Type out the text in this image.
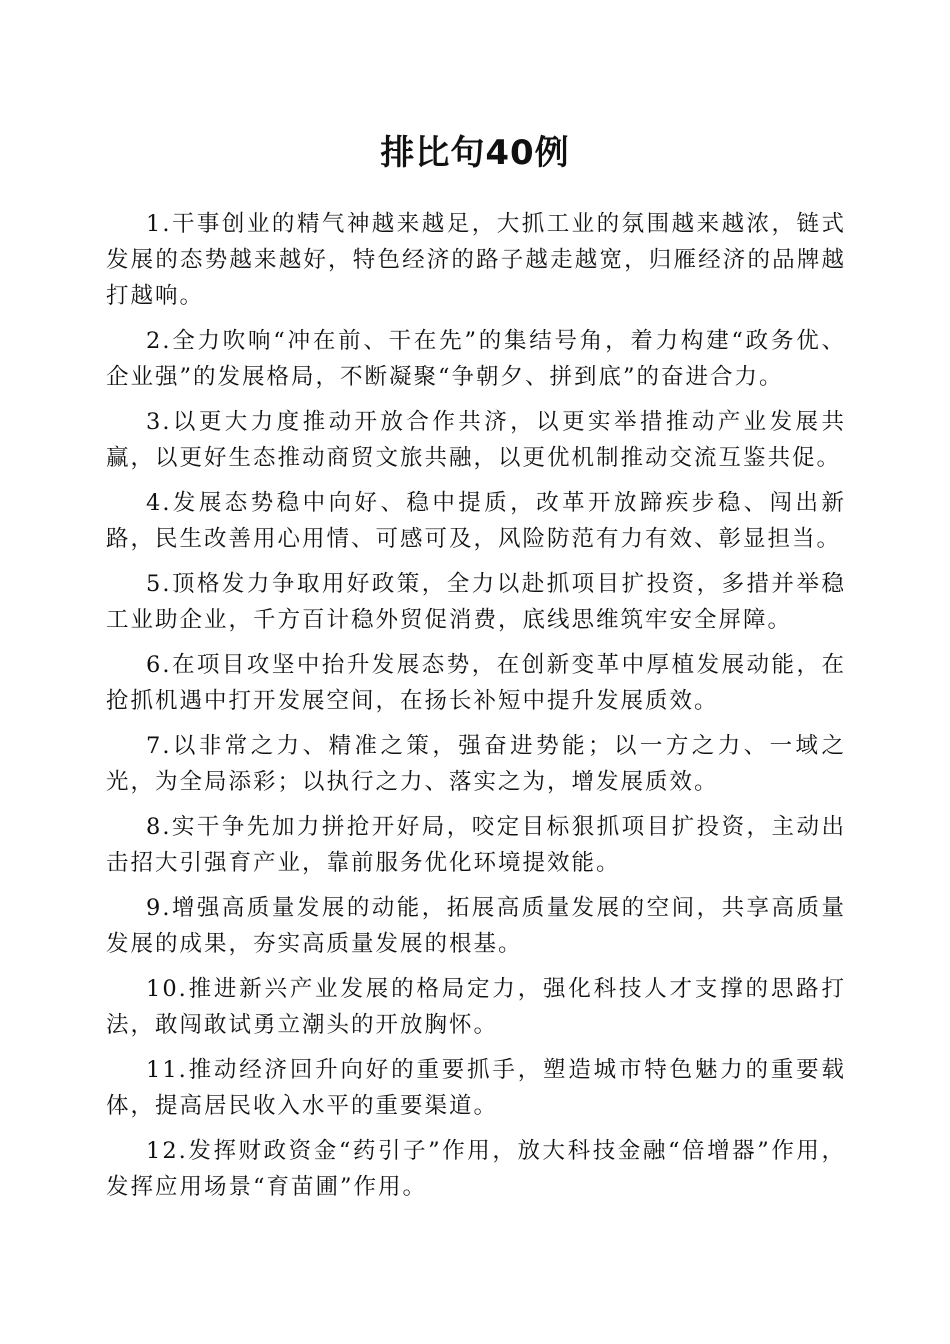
排比句40例

1.干事创业的精气神越来越足，大抓工业的氛围越来越浓，链式发展的态势越来越好，特色经济的路子越走越宽，归雁经济的品牌越打越响。

2.全力吹响“冲在前、干在先”的集结号角，着力构建“政务优、企业强”的发展格局，不断凝聚“争朝夕、拼到底”的奋进合力。

3.以更大力度推动开放合作共济，以更实举措推动产业发展共赢，以更好生态推动商贸文旅共融，以更优机制推动交流互鉴共促。

4.发展态势稳中向好、稳中提质，改革开放蹄疾步稳、闯出新路，民生改善用心用情、可感可及，风险防范有力有效、彰显担当。

5.顶格发力争取用好政策，全力以赴抓项目扩投资，多措并举稳工业助企业，千方百计稳外贸促消费，底线思维筑牢安全屏障。

6.在项目攻坚中抬升发展态势，在创新变革中厚植发展动能，在抢抓机遇中打开发展空间，在扬长补短中提升发展质效。

7.以非常之力、精准之策，强奋进势能；以一方之力、一域之光，为全局添彩；以执行之力、落实之为，增发展质效。

8.实干争先加力拼抢开好局，咬定目标狠抓项目扩投资，主动出击招大引强育产业，靠前服务优化环境提效能。

9.增强高质量发展的动能，拓展高质量发展的空间，共享高质量发展的成果，夯实高质量发展的根基。

10.推进新兴产业发展的格局定力，强化科技人才支撑的思路打法，敢闯敢试勇立潮头的开放胸怀。

11.推动经济回升向好的重要抓手，塑造城市特色魅力的重要载体，提高居民收入水平的重要渠道。

12.发挥财政资金“药引子”作用，放大科技金融“倍增器”作用，发挥应用场景“育苗圃”作用。
